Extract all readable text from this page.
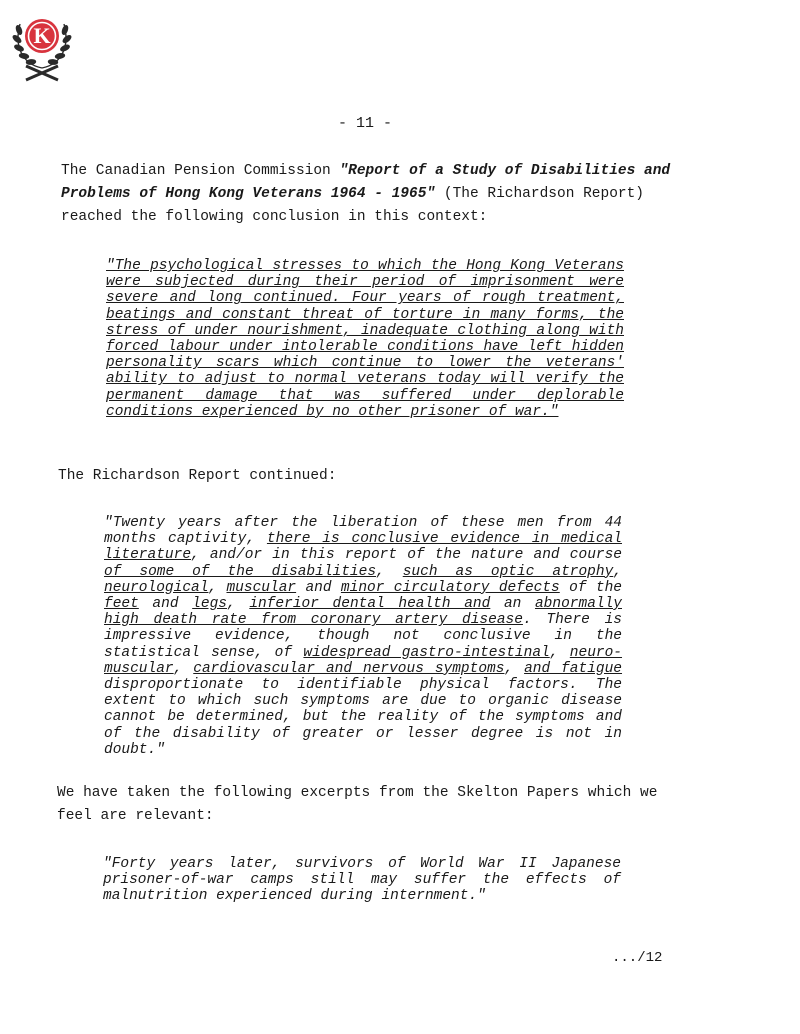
K
- 11 -
The Canadian Pension Commission "Report of a Study of Disabilities and Problems of Hong Kong Veterans 1964 - 1965" (The Richardson Report) reached the following conclusion in this context:
"The psychological stresses to which the Hong Kong Veterans were subjected during their period of imprisonment were severe and long continued. Four years of rough treatment, beatings and constant threat of torture in many forms, the stress of under nourishment, inadequate clothing along with forced labour under intolerable conditions have left hidden personality scars which continue to lower the veterans' ability to adjust to normal veterans today will verify the permanent damage that was suffered under deplorable conditions experienced by no other prisoner of war."
The Richardson Report continued:
"Twenty years after the liberation of these men from 44 months captivity, there is conclusive evidence in medical literature, and/or in this report of the nature and course of some of the disabilities, such as optic atrophy, neurological, muscular and minor circulatory defects of the feet and legs, inferior dental health and an abnormally high death rate from coronary artery disease. There is impressive evidence, though not conclusive in the statistical sense, of widespread gastro-intestinal, neuro-muscular, cardiovascular and nervous symptoms, and fatigue disproportionate to identifiable physical factors. The extent to which such symptoms are due to organic disease cannot be determined, but the reality of the symptoms and of the disability of greater or lesser degree is not in doubt."
We have taken the following excerpts from the Skelton Papers which we feel are relevant:
"Forty years later, survivors of World War II Japanese prisoner-of-war camps still may suffer the effects of malnutrition experienced during internment."
.../12
